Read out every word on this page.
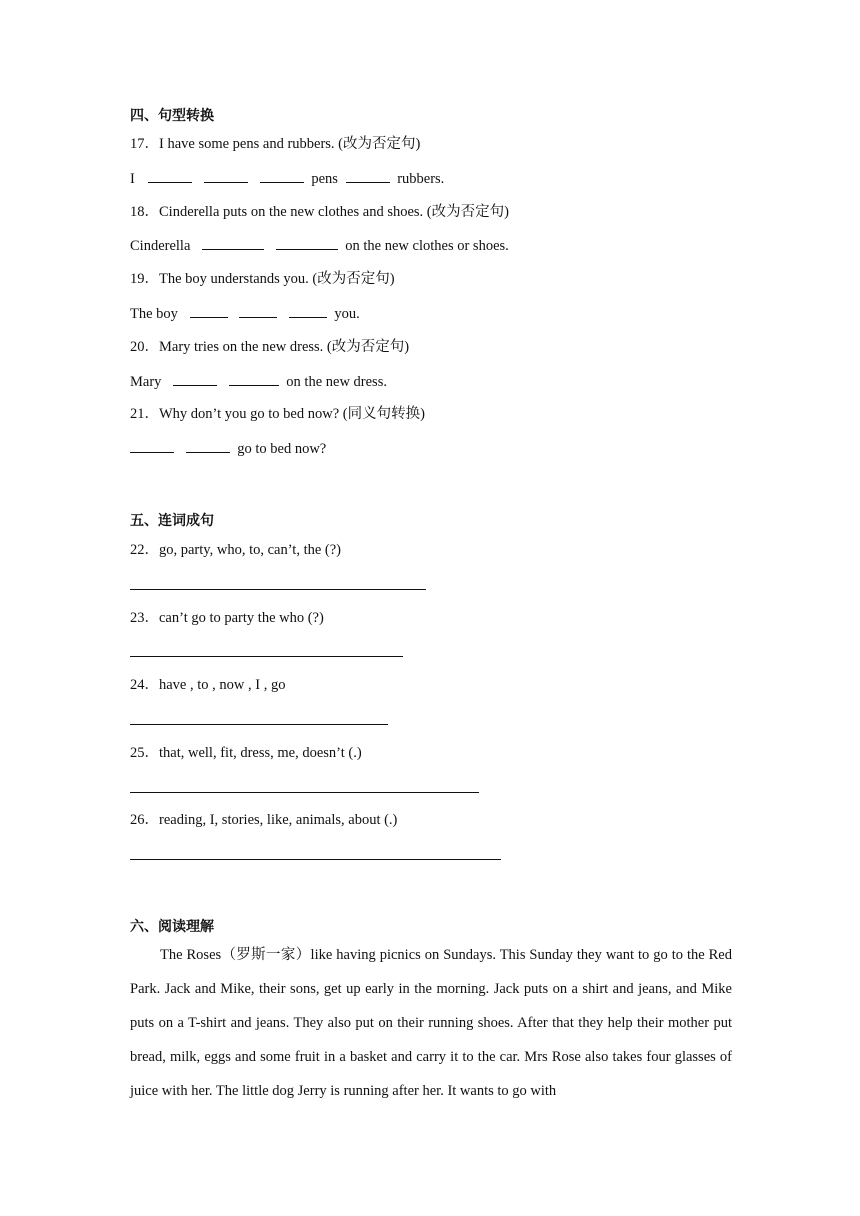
四、句型转换
17．I have some pens and rubbers. (改为否定句)
I	pens	rubbers.
18．Cinderella puts on the new clothes and shoes. (改为否定句)
Cinderella	on the new clothes or shoes.
19．The boy understands you. (改为否定句)
The boy	you.
20．Mary tries on the new dress. (改为否定句)
Mary	on the new dress.
21．Why don’t you go to bed now? (同义句转换)
go to bed now?
五、连词成句
22．go, party, who, to, can’t, the (?)
23．can’t go to party the who (?)
24．have , to , now , I , go
25．that, well, fit, dress, me, doesn’t (.)
26．reading, I, stories, like, animals, about (.)
六、阅读理解
The Roses（罗斯一家）like having picnics on Sundays. This Sunday they want to go to the Red Park. Jack and Mike, their sons, get up early in the morning. Jack puts on a shirt and jeans, and Mike puts on a T-shirt and jeans. They also put on their running shoes. After that they help their mother put bread, milk, eggs and some fruit in a basket and carry it to the car. Mrs Rose also takes four glasses of juice with her. The little dog Jerry is running after her. It wants to go with
